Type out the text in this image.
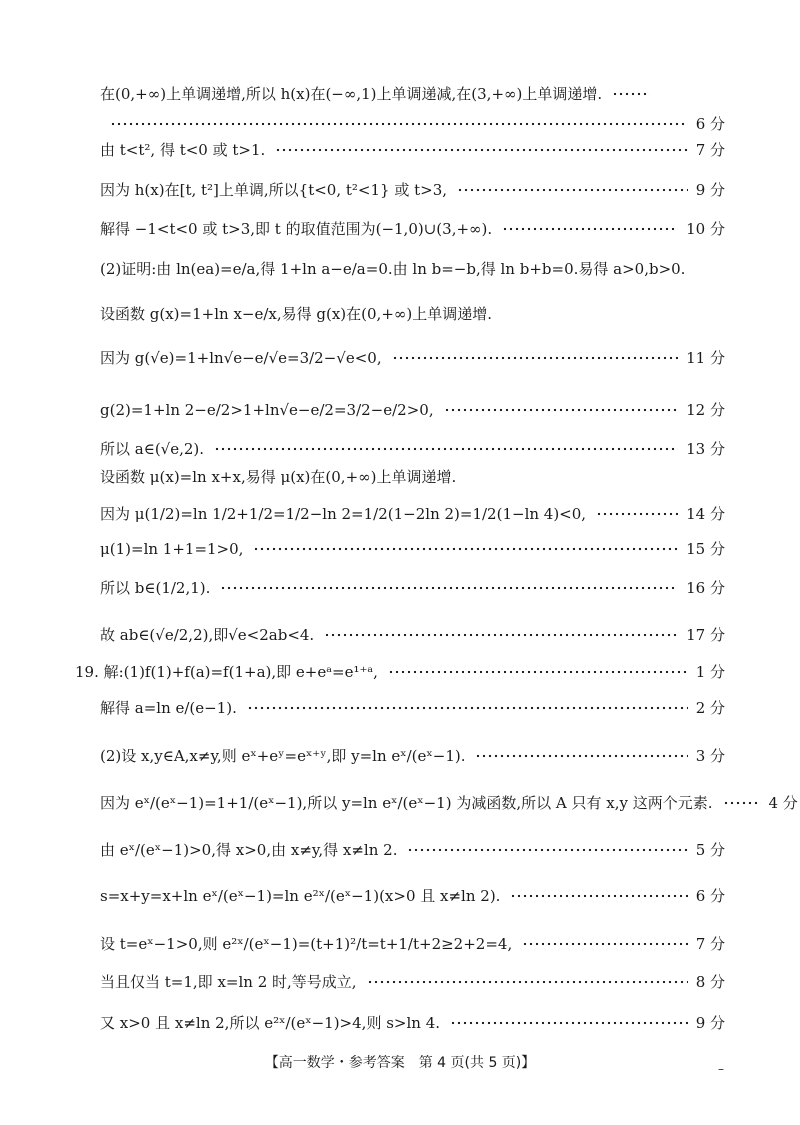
在(0,+∞)上单调递增,所以 h(x)在(−∞,1)上单调递减,在(3,+∞)上单调递增.
6 分
由 t<t², 得 t<0 或 t>1.	7 分
因为 h(x)在[t, t²]上单调,所以{t<0, t²<1} 或 t>3,	9 分
解得 −1<t<0 或 t>3,即 t 的取值范围为(−1,0)∪(3,+∞).	10 分
(2)证明:由 ln(ea)=e/a,得 1+ln a−e/a=0.由 ln b=−b,得 ln b+b=0.易得 a>0,b>0.
设函数 g(x)=1+ln x−e/x,易得 g(x)在(0,+∞)上单调递增.
因为 g(√e)=1+ln√e−e/√e=3/2−√e<0,	11 分
g(2)=1+ln 2−e/2>1+ln√e−e/2=3/2−e/2>0,	12 分
所以 a∈(√e,2).	13 分
设函数 μ(x)=ln x+x,易得 μ(x)在(0,+∞)上单调递增.
因为 μ(1/2)=ln 1/2+1/2=1/2−ln 2=1/2(1−2ln 2)=1/2(1−ln 4)<0,	14 分
μ(1)=ln 1+1=1>0,	15 分
所以 b∈(1/2,1).	16 分
故 ab∈(√e/2,2),即√e<2ab<4.	17 分
19. 解:(1)f(1)+f(a)=f(1+a),即 e+eᵃ=e¹⁺ᵃ,	1 分
解得 a=ln e/(e−1).	2 分
(2)设 x,y∈A,x≠y,则 eˣ+eʸ=eˣ⁺ʸ,即 y=ln eˣ/(eˣ−1).	3 分
因为 eˣ/(eˣ−1)=1+1/(eˣ−1),所以 y=ln eˣ/(eˣ−1) 为减函数,所以 A 只有 x,y 这两个元素.	4 分
由 eˣ/(eˣ−1)>0,得 x>0,由 x≠y,得 x≠ln 2.	5 分
s=x+y=x+ln eˣ/(eˣ−1)=ln e²ˣ/(eˣ−1)(x>0 且 x≠ln 2).	6 分
设 t=eˣ−1>0,则 e²ˣ/(eˣ−1)=(t+1)²/t=t+1/t+2≥2+2=4,	7 分
当且仅当 t=1,即 x=ln 2 时,等号成立,	8 分
又 x>0 且 x≠ln 2,所以 e²ˣ/(eˣ−1)>4,则 s>ln 4.	9 分
【高一数学・参考答案　第 4 页(共 5 页)】	–
